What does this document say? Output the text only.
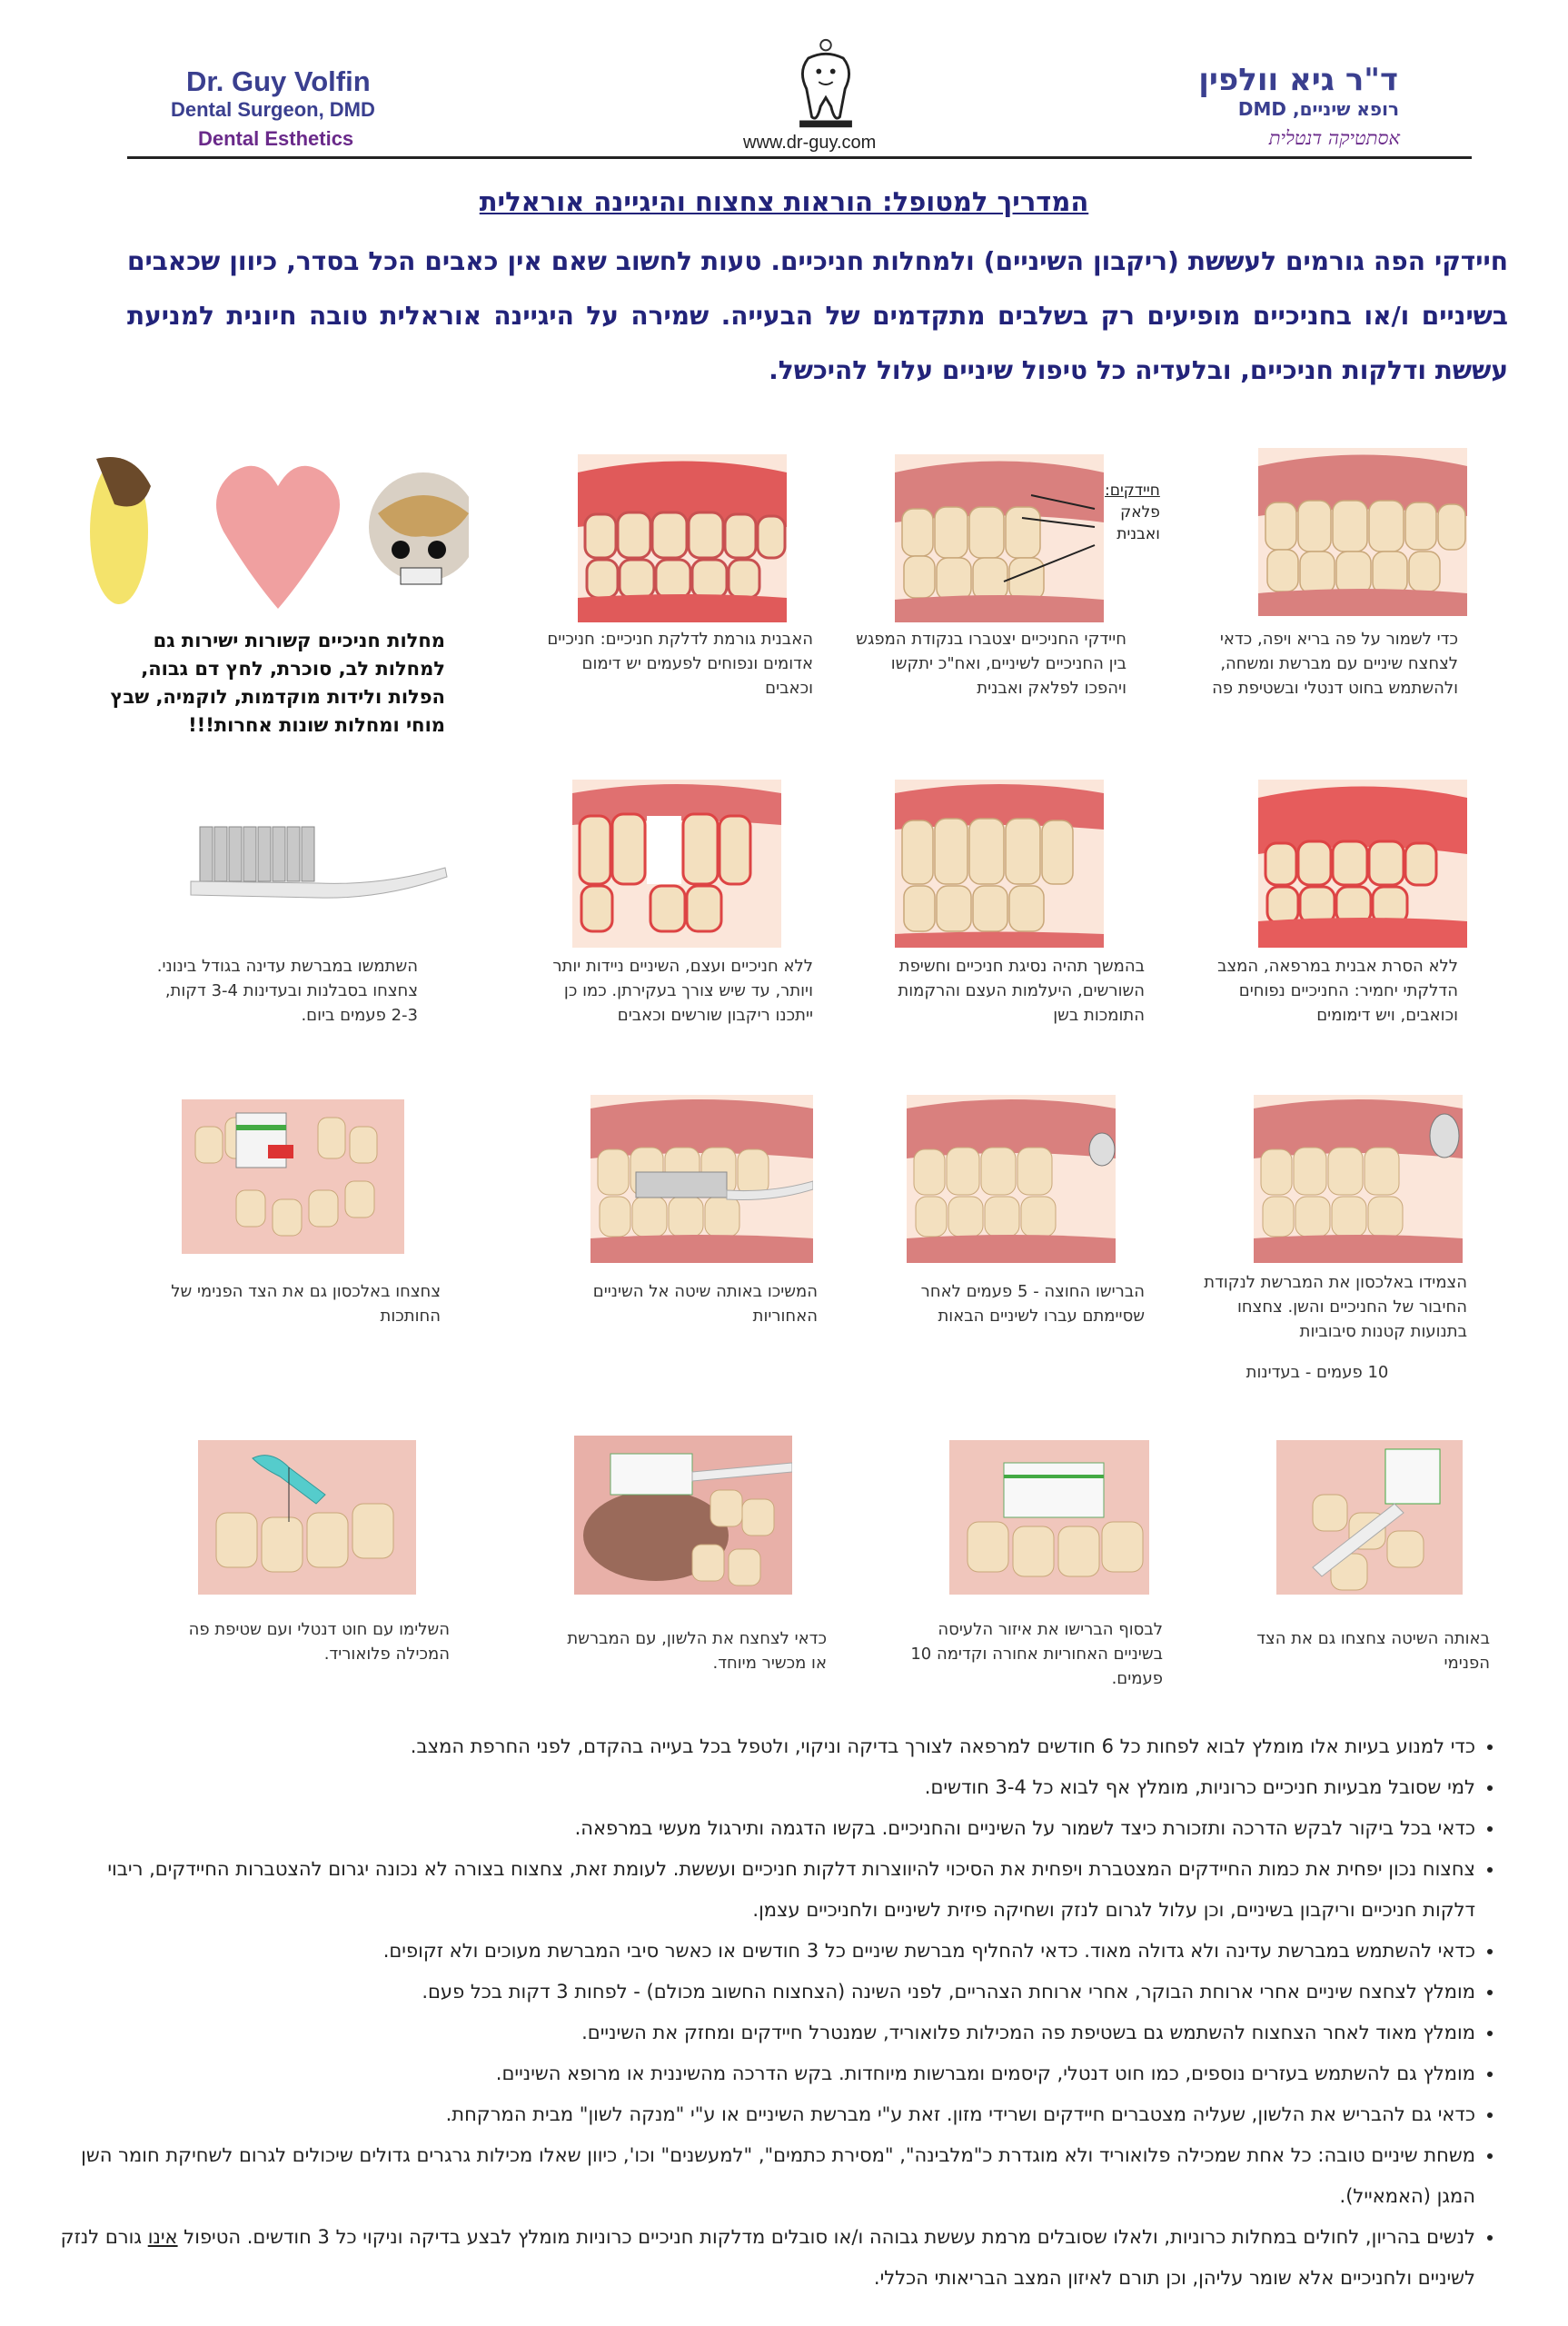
Dr. Guy Volfin
Dental Surgeon, DMD
Dental Esthetics	www.dr-guy.com
ד"ר גיא וולפין
רופא שיניים, DMD
אסתטיקה דנטלית
המדריך למטופל: הוראות צחצוח והיגיינה אוראלית
חיידקי הפה גורמים לעששת (ריקבון השיניים) ולמחלות חניכיים. טעות לחשוב שאם אין כאבים הכל בסדר, כיוון שכאבים בשיניים ו/או בחניכיים מופיעים רק בשלבים מתקדמים של הבעייה. שמירה על היגיינה אוראלית טובה חיונית למניעת עששת ודלקות חניכיים, ובלעדיה כל טיפול שיניים עלול להיכשל.
חיידקים:
פלאק
ואבנית
כדי לשמור על פה בריא ויפה, כדאי לצחצח שיניים עם מברשת ומשחה, ולהשתמש בחוט דנטלי ובשטיפת פה
חיידקי החניכיים יצטברו בנקודת המפגש בין החניכיים לשיניים, ואח"כ יתקשו ויהפכו לפלאק ואבנית
האבנית גורמת לדלקת חניכיים: חניכיים אדומים ונפוחים לפעמים יש דימום וכאבים
מחלות חניכיים קשורות ישירות גם למחלות לב, סוכרת, לחץ דם גבוה, הפלות ולידות מוקדמות, לוקמיה, שבץ מוחי ומחלות שונות אחרות!!!
ללא הסרת אבנית במרפאה, המצב הדלקתי יחמיר: החניכיים נפוחים וכואבים, ויש דימומים
בהמשך תהיה נסיגת חניכיים וחשיפת השורשים, היעלמות העצם והרקמות התומכות בשן
ללא חניכיים ועצם, השיניים ניידות יותר ויותר, עד שיש צורך בעקירתן. כמו כן ייתכנו ריקבון שורשים וכאבים
השתמשו במברשת עדינה בגודל בינוני. צחצחו בסבלנות ובעדינות 3-4 דקות, 2-3 פעמים ביום.
הצמידו באלכסון את המברשת לנקודת החיבור של החניכיים והשן. צחצחו בתנועות קטנות סיבוביות
10 פעמים - בעדינות
הברישו החוצה - 5 פעמים לאחר שסיימתם עברו לשיניים הבאות
המשיכו באותה שיטה אל השיניים האחוריות
צחצחו באלכסון גם את הצד הפנימי של החותכות
באותה השיטה צחצחו גם את הצד הפנימי
לבסוף הברישו את איזור הלעיסה בשיניים האחוריות אחורה וקדימה 10 פעמים.
כדאי לצחצח את הלשון, עם המברשת או מכשיר מיוחד.
השלימו עם חוט דנטלי ועם שטיפת פה המכילה פלואוריד.
• כדי למנוע בעיות אלו מומלץ לבוא לפחות כל 6 חודשים למרפאה לצורך בדיקה וניקוי, ולטפל בכל בעייה בהקדם, לפני החרפת המצב.
• למי שסובל מבעיות חניכיים כרוניות, מומלץ אף לבוא כל 3-4 חודשים.
• כדאי בכל ביקור לבקש הדרכה ותזכורת כיצד לשמור על השיניים והחניכיים. בקשו הדגמה ותירגול מעשי במרפאה.
• צחצוח נכון יפחית את כמות החיידקים המצטברת ויפחית את הסיכוי להיווצרות דלקות חניכיים ועששת. לעומת זאת, צחצוח בצורה לא נכונה יגרום להצטברות החיידקים, ריבוי דלקות חניכיים וריקבון בשיניים, וכן עלול לגרום לנזק ושחיקה פיזית לשיניים ולחניכיים עצמן.
• כדאי להשתמש במברשת עדינה ולא גדולה מאוד. כדאי להחליף מברשת שיניים כל 3 חודשים או כאשר סיבי המברשת מעוכים ולא זקופים.
• מומלץ לצחצח שיניים אחרי ארוחת הבוקר, אחרי ארוחת הצהריים, לפני השינה (הצחצוח החשוב מכולם) - לפחות 3 דקות בכל פעם.
• מומלץ מאוד לאחר הצחצוח להשתמש גם בשטיפת פה המכילות פלואוריד, שמנטרל חיידקים ומחזק את השיניים.
• מומלץ גם להשתמש בעזרים נוספים, כמו חוט דנטלי, קיסמים ומברשות מיוחדות. בקש הדרכה מהשיננית או מרופא השיניים.
• כדאי גם להבריש את הלשון, שעליה מצטברים חיידקים ושרידי מזון. זאת ע"י מברשת השיניים או ע"י "מנקה לשון" מבית המרקחת.
• משחת שיניים טובה: כל אחת שמכילה פלואוריד ולא מוגדרת כ"מלבינה", "מסירת כתמים", "למעשנים" וכו', כיוון שאלו מכילות גרגרים גדולים שיכולים לגרום לשחיקת חומר השן המגן (האמאייל).
• לנשים בהריון, לחולים במחלות כרוניות, ולאלו שסובלים מרמת עששת גבוהה ו/או סובלים מדלקות חניכיים כרוניות מומלץ לבצע בדיקה וניקוי כל 3 חודשים. הטיפול אינו גורם לנזק לשיניים ולחניכיים אלא שומר עליהן, וכן תורם לאיזון המצב הבריאותי הכללי.
